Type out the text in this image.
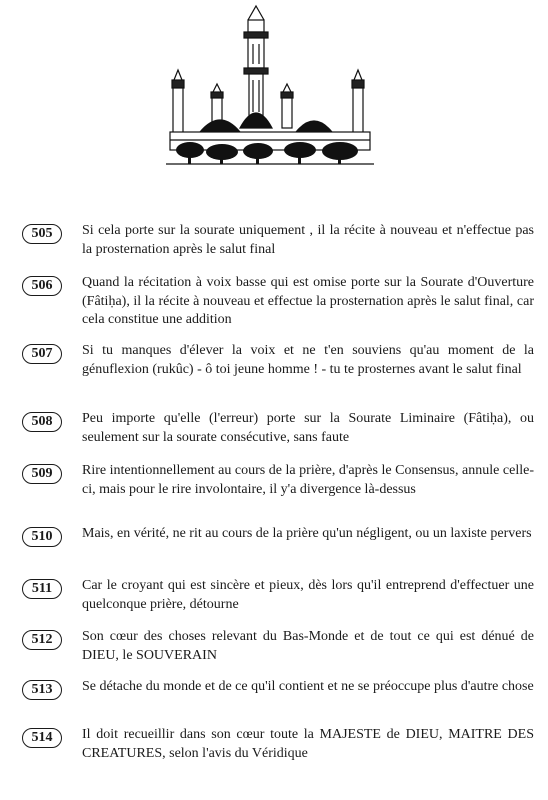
505	Si cela porte sur la sourate uniquement , il la récite à nouveau et n'effectue pas la prosternation après le salut final

506	Quand la récitation à voix basse qui est omise porte sur la Sourate d'Ouverture (Fâtiḥa), il la récite à nouveau et effectue la prosternation après le salut final, car cela constitue une addition

507	Si tu manques d'élever la voix et ne t'en souviens qu'au moment de la génuflexion (rukûc) - ô toi jeune homme ! - tu te prosternes avant le salut final

508	Peu importe qu'elle (l'erreur) porte sur la Sourate Liminaire (Fâtiḥa), ou seulement sur la sourate consécutive, sans faute

509	Rire intentionnellement au cours de la prière, d'après le Consensus, annule celle-ci, mais pour le rire involontaire, il y'a divergence là-dessus

510	Mais, en vérité, ne rit au cours de la prière qu'un négligent, ou un laxiste pervers

511	Car le croyant qui est sincère et pieux, dès lors qu'il entreprend d'effectuer une quelconque prière, détourne

512	Son cœur des choses relevant du Bas-Monde et de tout ce qui est dénué de DIEU, le SOUVERAIN

513	Se détache du monde et de ce qu'il contient et ne se préoccupe plus d'autre chose

514	Il doit recueillir dans son cœur toute la MAJESTE de DIEU, MAITRE DES CREATURES, selon l'avis du Véridique
